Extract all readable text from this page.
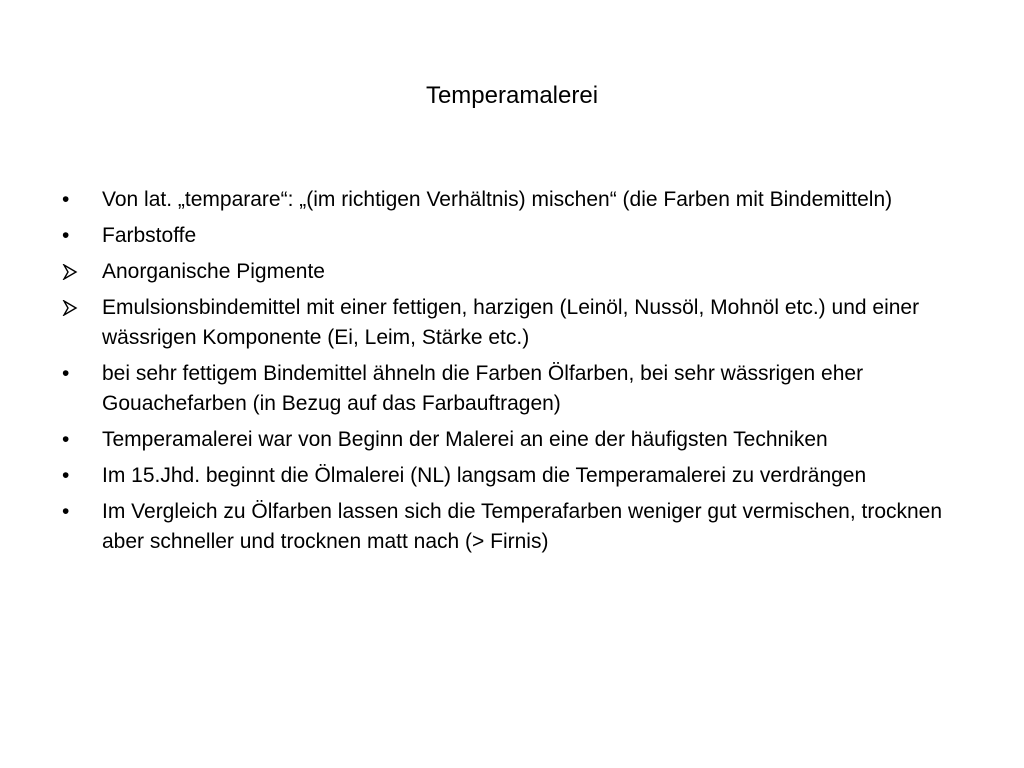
Temperamalerei
•
Von lat. „temparare“: „(im richtigen Verhältnis) mischen“ (die Farben mit Bindemitteln)
•
Farbstoffe
Anorganische Pigmente
Emulsionsbindemittel mit einer fettigen, harzigen (Leinöl, Nussöl, Mohnöl etc.) und einer wässrigen Komponente (Ei, Leim, Stärke etc.)
•
bei sehr fettigem Bindemittel ähneln die Farben Ölfarben, bei sehr wässrigen eher Gouachefarben (in Bezug auf das Farbauftragen)
•
Temperamalerei war von Beginn der Malerei an eine der häufigsten Techniken
•
Im 15.Jhd. beginnt die Ölmalerei (NL) langsam die Temperamalerei zu verdrängen
•
Im Vergleich zu Ölfarben lassen sich die Temperafarben weniger gut vermischen, trocknen aber schneller und trocknen matt nach (> Firnis)
